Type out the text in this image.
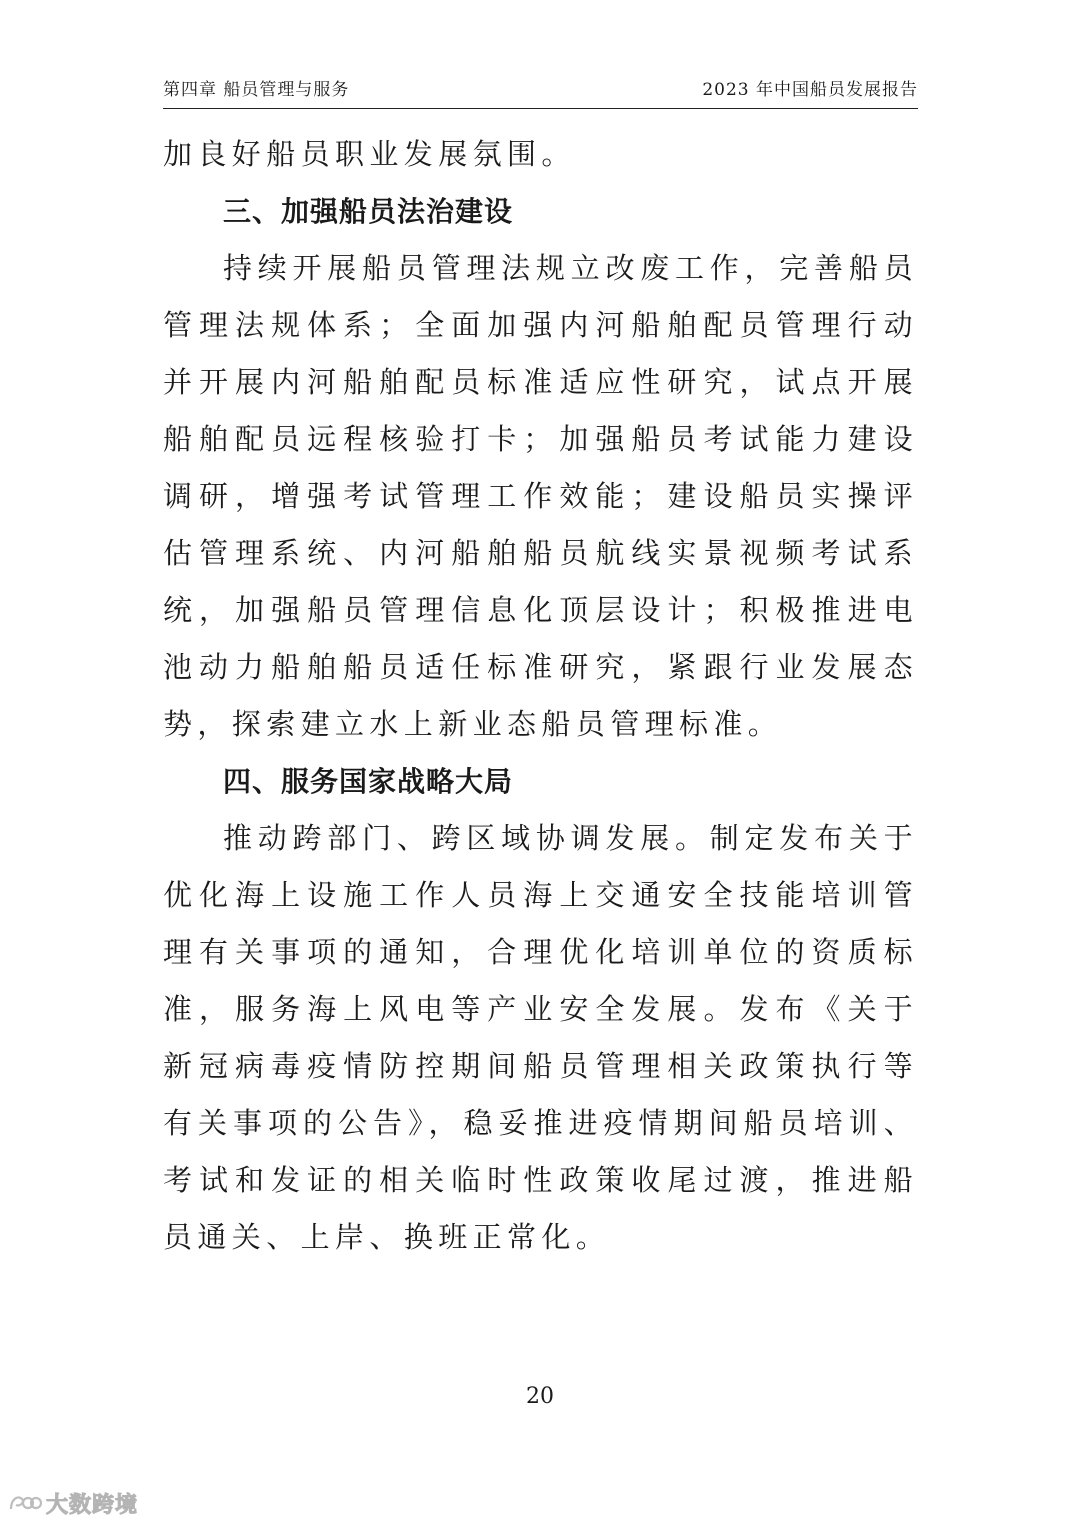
第四章 船员管理与服务	2023 年中国船员发展报告

加良好船员职业发展氛围。

三、加强船员法治建设

持续开展船员管理法规立改废工作，完善船员管理法规体系；全面加强内河船舶配员管理行动并开展内河船舶配员标准适应性研究，试点开展船舶配员远程核验打卡；加强船员考试能力建设调研，增强考试管理工作效能；建设船员实操评估管理系统、内河船舶船员航线实景视频考试系统，加强船员管理信息化顶层设计；积极推进电池动力船舶船员适任标准研究，紧跟行业发展态势，探索建立水上新业态船员管理标准。

四、服务国家战略大局

推动跨部门、跨区域协调发展。制定发布关于优化海上设施工作人员海上交通安全技能培训管理有关事项的通知，合理优化培训单位的资质标准，服务海上风电等产业安全发展。发布《关于新冠病毒疫情防控期间船员管理相关政策执行等有关事项的公告》，稳妥推进疫情期间船员培训、考试和发证的相关临时性政策收尾过渡，推进船员通关、上岸、换班正常化。

20
大数跨境
